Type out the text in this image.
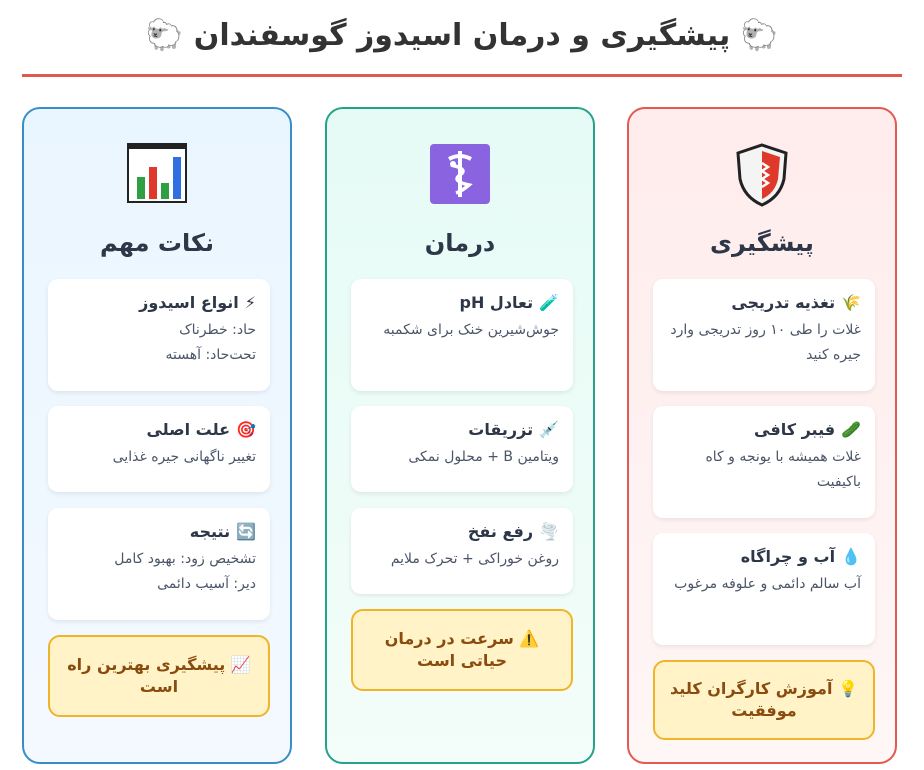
🐑 پیشگیری و درمان اسیدوز گوسفندان 🐑
نکات مهم
⚡
انواع اسیدوز
حاد: خطرناک
تحت‌حاد: آهسته
🎯
علت اصلی
تغییر ناگهانی جیره غذایی
🔄
نتیجه
تشخیص زود: بهبود کامل
دیر: آسیب دائمی
📈 پیشگیری بهترین راه است
درمان
🧪
تعادل pH
جوش‌شیرین خنک برای شکمبه
💉
تزریقات
ویتامین B + محلول نمکی
🌪️
رفع نفخ
روغن خوراکی + تحرک ملایم
⚠️ سرعت در درمان حیاتی است
پیشگیری
🌾
تغذیه تدریجی
غلات را طی ۱۰ روز تدریجی وارد جیره کنید
🥒
فیبر کافی
غلات همیشه با یونجه و کاه باکیفیت
💧
آب و چراگاه
آب سالم دائمی و علوفه مرغوب
💡 آموزش کارگران کلید موفقیت
